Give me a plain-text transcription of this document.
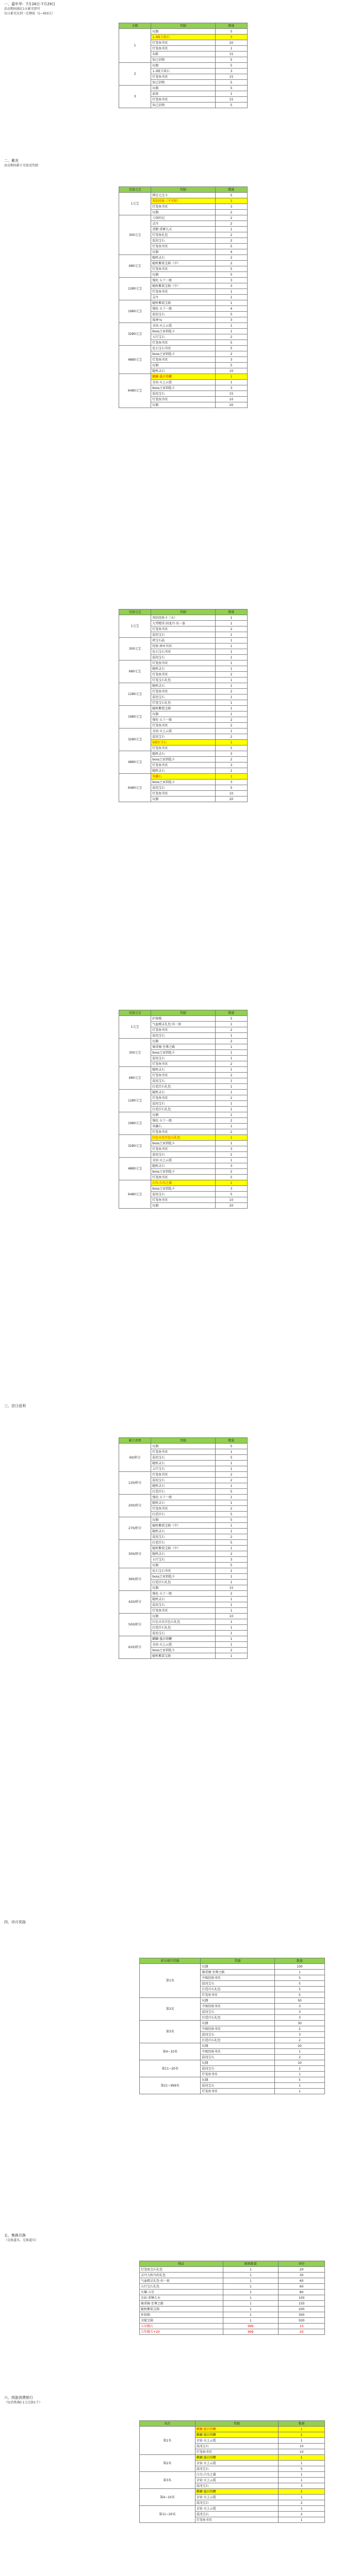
一、嘉年华：7月28日-7月29日
活动期间满足1天累充即可
每日累充达到一定额度（1~450元）
天数	奖励	数量
1	玩偶	5
	1-3级玉装石	3
	灯笼鱼书页	20
	灯笼鱼书页	1
	布鞋	15
	知己信物	5
2	玩偶	5
	1-3级玉装石	3
	灯笼鱼书页	15
	知己信物	5
3	玩偶	5
	晶体	1
	灯笼鱼书页	15
	知己信物	5
二、累充
活动期间累计充值送奖励
充值元宝	奖励	数量
1元宝	绑定元宝卡	5
	双倍经验（不可转）	1
	灯笼鱼书页	3
	玩偶	2
300元宝	刀剑印记	2
	灵丹	2
	重锻·重锤九天	1
	灯笼鱼礼包	2
	混沌宝石	2
	灯笼鱼书页	5
	玩偶	4
680元宝	随机灵石	2
	随机紫装宝箱（中）	2
	灯笼鱼书页	5
	玩偶	5
1280元宝	强化·五十一级	3
	随机紫装宝箱（中）	3
	灯笼鱼书页	1
	灵丹	1
1980元宝	随机紫装宝箱	1
	强化·五十一级	4
	混沌宝石	5
	战神·lv	3
3280元宝	金钻·天上云霞	1
	boss之家钥匙卡	1
	五行宝石	2
	灯笼鱼书页	5
4880元宝	化石宝石书页	5
	boss之家钥匙卡	2
	灯笼鱼书页	3
	玩偶	5
	随机灵石	10
6480元宝	麒麟·墨岩铸鞭	1
	金钻·天上云霞	1
	boss之家钥匙卡	3
	混沌宝石	15
	灯笼鱼书页	10
	玩偶	20
充值元宝	奖励	数量
1元宝	双倍经验卡（天）	1
	大型精英·回龙丹·出一套	1
	灯笼鱼书页	2
	混沌宝石	1
300元宝	碎宝石晶	1
	经验·神木书页	1
	化石宝石书页	1
	混沌宝石	1
680元宝	灯笼鱼书页	1
	随机灵石	1
	灯笼鱼书页	2
	灯笼宝石礼包	1
1280元宝	随机灵石	1
	灯笼鱼书页	2
	混沌宝石	1
	灯笼宝石礼包	1
1980元宝	随机紫装宝箱	1
	玩偶	1
	强化·五十一级	2
	灯笼鱼书页	2
3280元宝	金钻·天上云霞	1
	混沌宝石	2
	5级红玉石	1
	灯笼鱼书页	5
4880元宝	随机灵石	3
	boss之家钥匙卡	2
	灯笼鱼书页	3
	随机灵石	1
6480元宝	翠鑫石	1
	boss之家钥匙卡	3
	混沌宝石	5
	灯笼鱼书页	10
	玩偶	20
充值元宝	奖励	数量
1元宝	护体精	5
	气血精灵礼包·出一套	1
	灯笼鱼书页	2
	混沌宝石	1
300元宝	玩偶	2
	骑重骑·至尊之路	1
	boss之家钥匙卡	1
	混沌宝石	1
	灯笼鱼书页	2
680元宝	随机灵石	1
	灯笼鱼书页	2
	混沌宝石	1
	打造百石礼包	1
1280元宝	随机灵石	1
	灯笼鱼书页	2
	混沌宝石	1
	打造百石礼包	1
1980元宝	玩偶	1
	强化·五十一级	2
	翠鑫石	1
	灯笼鱼书页	2
3280元宝	红色天星百色石礼包	1
	boss之家钥匙卡	1
	灯笼鱼书页	3
	混沌宝石	2
4880元宝	金钻·天上云霞	1
	随机灵石	3
	boss之家钥匙卡	2
	灯笼鱼书页	5
6480元宝	白鸟·白鸟之翼	1
	boss之家钥匙卡	3
	混沌宝石	5
	灯笼鱼书页	10
	玩偶	20
三、首日返利
累计消费	奖励	数量
60/积分	玩偶	5
	灯笼鱼书页	1
	混沌宝石	5
	随机灵石	1
	五行宝石	1
120/积分	灯笼鱼书页	2
	混沌宝石	2
	随机灵石	1
	打造百石	5
200/积分	强化·五十一级	1
	随机灵石	1
	灯笼鱼书页	2
	打造百石	5
270/积分	玩偶	5
	随机紫装宝箱（中）	1
	随机灵石	1
	混沌宝石	2
300/积分	打造百石	5
	随机紫装宝箱（中）	1
	随机灵石	2
	五行宝石	3
	玩偶	5
360/积分	化石宝石书页	1
	boss之家钥匙卡	1
	打造百石礼包	1
	玩偶	15
420/积分	强化·五十一级	2
	随机灵石	1
	混沌宝石	1
	灯笼鱼书页	1
500/积分	玩偶	10
	红色天星百色石礼包	1
	打造百石礼包	1
	混沌宝石	1
620/积分	麒麟·墨岩铸鞭	1
	金钻·天上云霞	1
	boss之家钥匙卡	2
	随机紫装宝箱	1
四、冲月奖励
积分排行奖励	奖励	数量
第1名	玩偶	100
	骑重骑·至尊之路	1
	中级经验书页	5
	混沌宝石	5
	打造百石礼包	5
	灯笼鱼书页	5
第2名	玩偶	50
	中级经验书页	3
	混沌宝石	3
	打造百石礼包	3
第3名	玩偶	30
	中级经验书页	2
	混沌宝石	3
	打造百石礼包	2
第4~10名	玩偶	20
	中级经验书页	1
	混沌宝石	2
第11~20名	玩偶	10
	混沌宝石	2
	灯笼鱼书页	1
第21~999名	玩偶	5
	混沌宝石	1
	灯笼鱼书页	1
五、集换兑换
（兑换道具，兑换道具）
物品	限购数量	单价
灯笼鱼宝石礼包	1	20
灵丹九转丹药礼包	1	30
气血精灵礼包·出一套	1	60
五行宝石礼包	1	60
火爆·五星	1	80
金钻·重锤九天	1	100
骑重骑·至尊之路	1	150
随机紫装宝箱	1	200
补给箱	1	300
全能宝箱	1	500
五星精石	999	10
万年精玉+20	999	20
六、网游消费排行
（每消费满0.1元兑换1个）
名次	奖励	数量
第1名	麒麟·墨岩铸鞭	1
	麒麟·墨岩铸鞭	1
	金钻·天上云霞	1
	混沌宝石	10
	灯笼鱼书页	10
第2名	麒麟·墨岩铸鞭	1
	金钻·天上云霞	1
	混沌宝石	5
第3名	白鸟·白鸟之翼	1
	金钻·天上云霞	1
	混沌宝石	3
第4~10名	麒麟·墨岩铸鞭	1
	金钻·天上云霞	1
	混沌宝石	2
第11~20名	金钻·天上云霞	1
	混沌宝石	2
	灯笼鱼书页	1
